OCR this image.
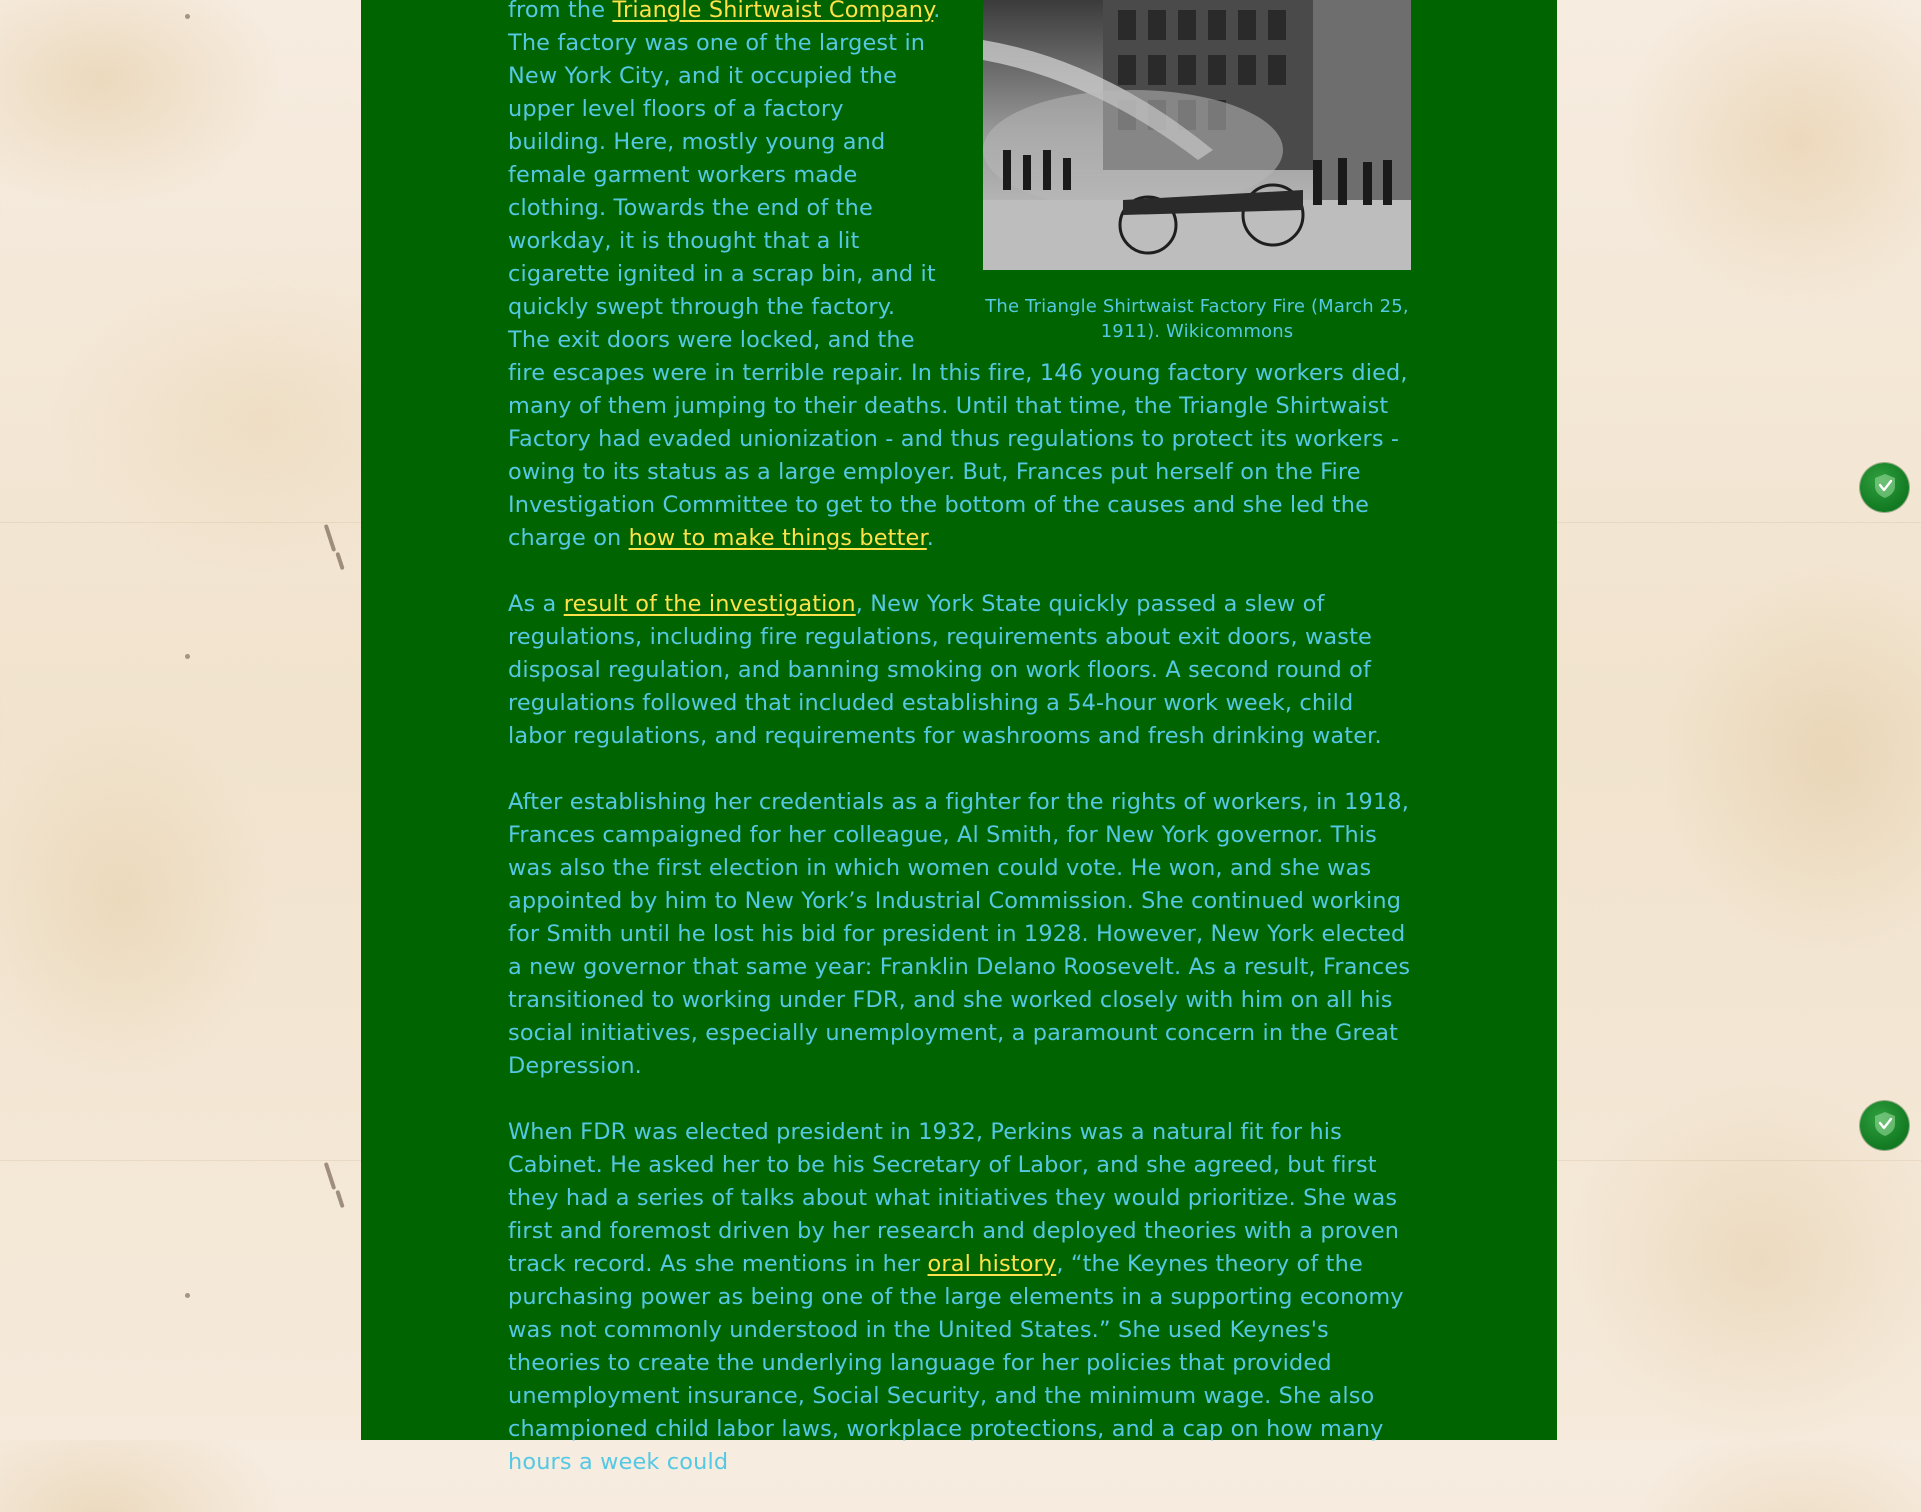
The Triangle Shirtwaist Factory Fire (March 25, 1911). Wikicommons
from the Triangle Shirtwaist Company. The factory was one of the largest in New York City, and it occupied the upper level floors of a factory building. Here, mostly young and female garment workers made clothing. Towards the end of the workday, it is thought that a lit cigarette ignited in a scrap bin, and it quickly swept through the factory. The exit doors were locked, and the fire escapes were in terrible repair. In this fire, 146 young factory workers died, many of them jumping to their deaths. Until that time, the Triangle Shirtwaist Factory had evaded unionization - and thus regulations to protect its workers - owing to its status as a large employer. But, Frances put herself on the Fire Investigation Committee to get to the bottom of the causes and she led the charge on how to make things better.

As a result of the investigation, New York State quickly passed a slew of regulations, including fire regulations, requirements about exit doors, waste disposal regulation, and banning smoking on work floors. A second round of regulations followed that included establishing a 54-hour work week, child labor regulations, and requirements for washrooms and fresh drinking water.

After establishing her credentials as a fighter for the rights of workers, in 1918, Frances campaigned for her colleague, Al Smith, for New York governor. This was also the first election in which women could vote. He won, and she was appointed by him to New York’s Industrial Commission. She continued working for Smith until he lost his bid for president in 1928. However, New York elected a new governor that same year: Franklin Delano Roosevelt. As a result, Frances transitioned to working under FDR, and she worked closely with him on all his social initiatives, especially unemployment, a paramount concern in the Great Depression.

When FDR was elected president in 1932, Perkins was a natural fit for his Cabinet. He asked her to be his Secretary of Labor, and she agreed, but first they had a series of talks about what initiatives they would prioritize. She was first and foremost driven by her research and deployed theories with a proven track record. As she mentions in her oral history, “the Keynes theory of the purchasing power as being one of the large elements in a supporting economy was not commonly understood in the United States.” She used Keynes's theories to create the underlying language for her policies that provided unemployment insurance, Social Security, and the minimum wage. She also championed child labor laws, workplace protections, and a cap on how many hours a week could
